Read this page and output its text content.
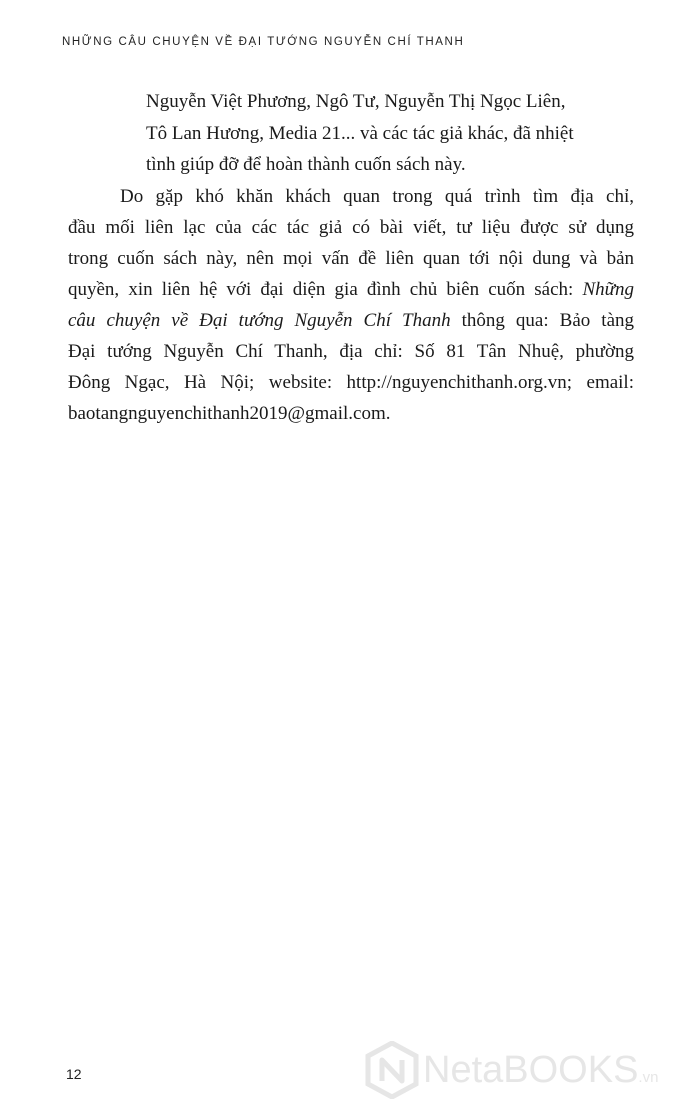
NHỮNG CÂU CHUYỆN VỀ ĐẠI TƯỚNG NGUYỄN CHÍ THANH
Nguyễn Việt Phương, Ngô Tư, Nguyễn Thị Ngọc Liên,
Tô Lan Hương, Media 21... và các tác giả khác, đã nhiệt
tình giúp đỡ để hoàn thành cuốn sách này.
Do gặp khó khăn khách quan trong quá trình tìm địa chỉ,
đầu mối liên lạc của các tác giả có bài viết, tư liệu được sử dụng
trong cuốn sách này, nên mọi vấn đề liên quan tới nội dung và bản
quyền, xin liên hệ với đại diện gia đình chủ biên cuốn sách: Những
câu chuyện về Đại tướng Nguyễn Chí Thanh thông qua: Bảo tàng
Đại tướng Nguyễn Chí Thanh, địa chỉ: Số 81 Tân Nhuệ, phường
Đông Ngạc, Hà Nội; website: http://nguyenchithanh.org.vn; email:
baotangnguyenchithanh2019@gmail.com.
12	NetaBOOKS.vn
